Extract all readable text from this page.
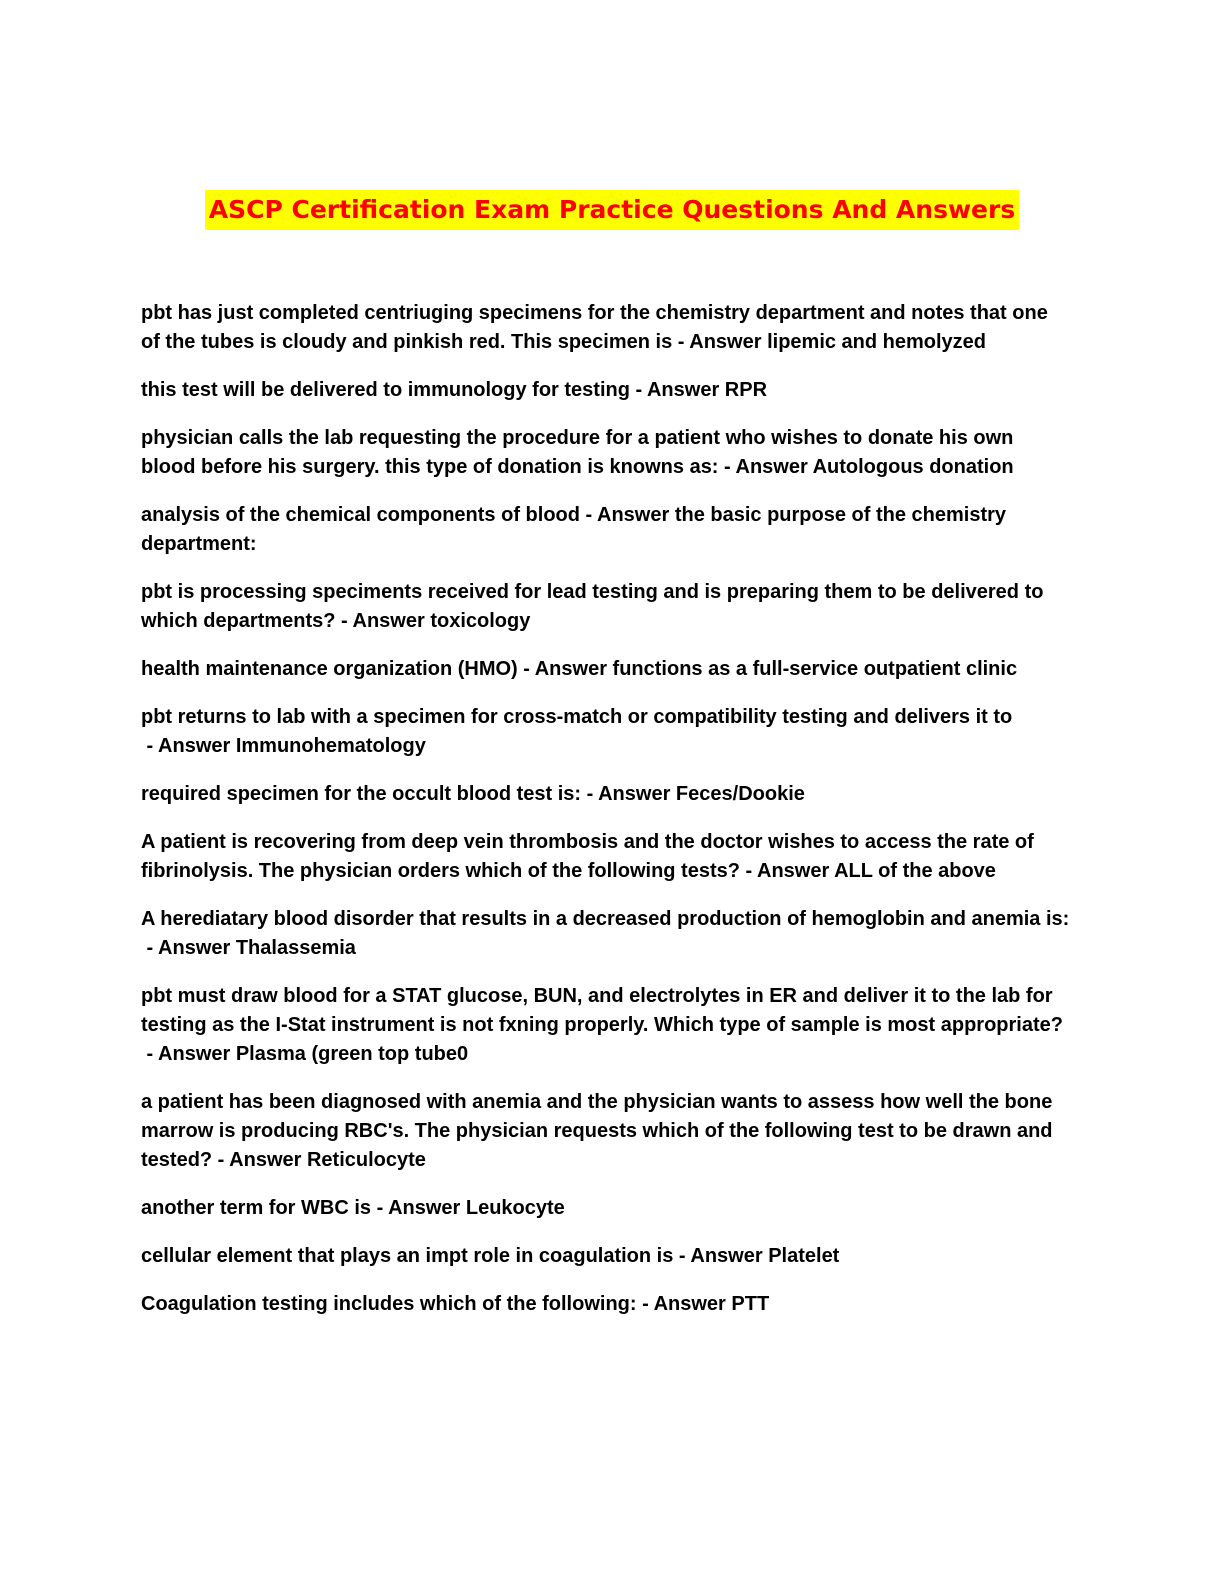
ASCP Certification Exam Practice Questions And Answers

pbt has just completed centriuging specimens for the chemistry department and notes that one of the tubes is cloudy and pinkish red. This specimen is - Answer lipemic and hemolyzed

this test will be delivered to immunology for testing - Answer RPR

physician calls the lab requesting the procedure for a patient who wishes to donate his own blood before his surgery. this type of donation is knowns as: - Answer Autologous donation

analysis of the chemical components of blood - Answer the basic purpose of the chemistry department:

pbt is processing speciments received for lead testing and is preparing them to be delivered to which departments? - Answer toxicology

health maintenance organization (HMO) - Answer functions as a full-service outpatient clinic

pbt returns to lab with a specimen for cross-match or compatibility testing and delivers it to - Answer Immunohematology

required specimen for the occult blood test is: - Answer Feces/Dookie

A patient is recovering from deep vein thrombosis and the doctor wishes to access the rate of fibrinolysis. The physician orders which of the following tests? - Answer ALL of the above

A herediatary blood disorder that results in a decreased production of hemoglobin and anemia is: - Answer Thalassemia

pbt must draw blood for a STAT glucose, BUN, and electrolytes in ER and deliver it to the lab for testing as the I-Stat instrument is not fxning properly. Which type of sample is most appropriate? - Answer Plasma (green top tube0

a patient has been diagnosed with anemia and the physician wants to assess how well the bone marrow is producing RBC's. The physician requests which of the following test to be drawn and tested? - Answer Reticulocyte

another term for WBC is - Answer Leukocyte

cellular element that plays an impt role in coagulation is - Answer Platelet

Coagulation testing includes which of the following: - Answer PTT
